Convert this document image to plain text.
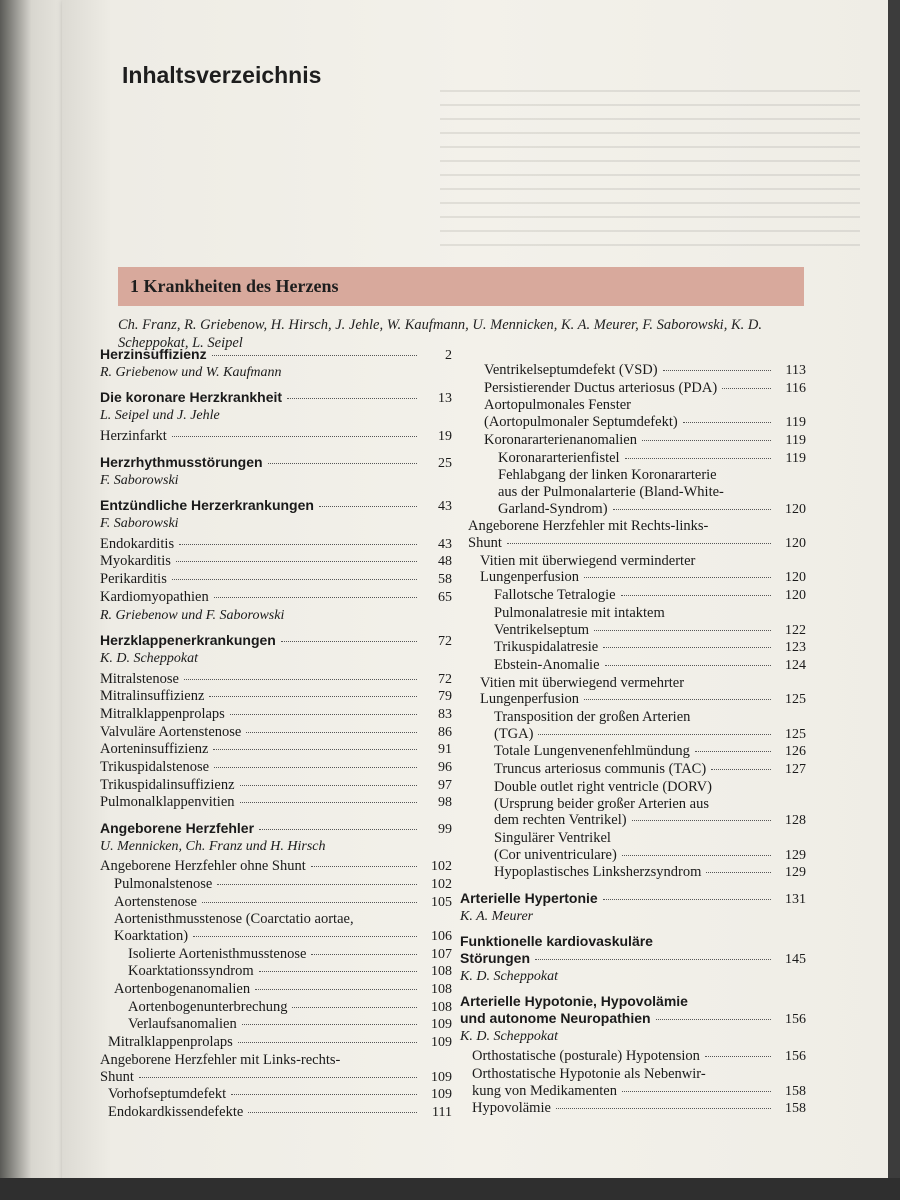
Inhaltsverzeichnis
1 Krankheiten des Herzens

Ch. Franz, R. Griebenow, H. Hirsch, J. Jehle, W. Kaufmann, U. Mennicken, K. A. Meurer, F. Saborowski, K. D. Scheppokat, L. Seipel

Herzinsuffizienz	2
R. Griebenow und W. Kaufmann
Die koronare Herzkrankheit	13
L. Seipel und J. Jehle
Herzinfarkt	19
Herzrhythmusstörungen	25
F. Saborowski
Entzündliche Herzerkrankungen	43
F. Saborowski
Endokarditis	43
Myokarditis	48
Perikarditis	58
Kardiomyopathien	65
R. Griebenow und F. Saborowski
Herzklappenerkrankungen	72
K. D. Scheppokat
Mitralstenose	72
Mitralinsuffizienz	79
Mitralklappenprolaps	83
Valvuläre Aortenstenose	86
Aorteninsuffizienz	91
Trikuspidalstenose	96
Trikuspidalinsuffizienz	97
Pulmonalklappenvitien	98
Angeborene Herzfehler	99
U. Mennicken, Ch. Franz und H. Hirsch
Angeborene Herzfehler ohne Shunt	102
Pulmonalstenose	102
Aortenstenose	105
Aortenisthmusstenose (Coarctatio aortae,
Koarktation)	106
Isolierte Aortenisthmusstenose	107
Koarktationssyndrom	108
Aortenbogenanomalien	108
Aortenbogenunterbrechung	108
Verlaufsanomalien	109
Mitralklappenprolaps	109
Angeborene Herzfehler mit Links-rechts-
Shunt	109
Vorhofseptumdefekt	109
Endokardkissendefekte	111
Ventrikelseptumdefekt (VSD)	113
Persistierender Ductus arteriosus (PDA)	116
Aortopulmonales Fenster
(Aortopulmonaler Septumdefekt)	119
Koronararterienanomalien	119
Koronararterienfistel	119
Fehlabgang der linken Koronararterie
aus der Pulmonalarterie (Bland-White-
Garland-Syndrom)	120
Angeborene Herzfehler mit Rechts-links-
Shunt	120
Vitien mit überwiegend verminderter
Lungenperfusion	120
Fallotsche Tetralogie	120
Pulmonalatresie mit intaktem
Ventrikelseptum	122
Trikuspidalatresie	123
Ebstein-Anomalie	124
Vitien mit überwiegend vermehrter
Lungenperfusion	125
Transposition der großen Arterien
(TGA)	125
Totale Lungenvenenfehlmündung	126
Truncus arteriosus communis (TAC)	127
Double outlet right ventricle (DORV)
(Ursprung beider großer Arterien aus
dem rechten Ventrikel)	128
Singulärer Ventrikel
(Cor univentriculare)	129
Hypoplastisches Linksherzsyndrom	129
Arterielle Hypertonie	131
K. A. Meurer
Funktionelle kardiovaskuläre
Störungen	145
K. D. Scheppokat
Arterielle Hypotonie, Hypovolämie
und autonome Neuropathien	156
K. D. Scheppokat
Orthostatische (posturale) Hypotension	156
Orthostatische Hypotonie als Nebenwir-
kung von Medikamenten	158
Hypovolämie	158
